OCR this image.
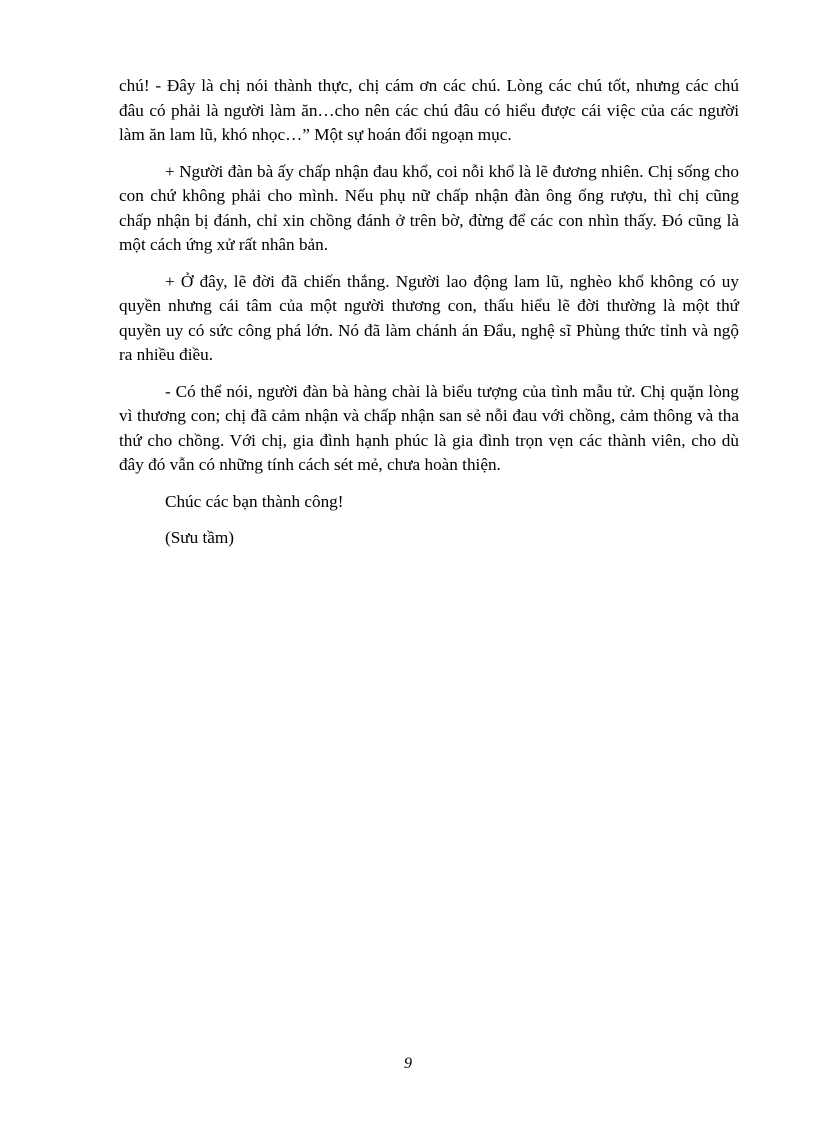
chú! - Đây là chị nói thành thực, chị cám ơn các chú. Lòng các chú tốt, nhưng các chú đâu có phải là người làm ăn…cho nên các chú đâu có hiểu được cái việc của các người làm ăn lam lũ, khó nhọc…” Một sự hoán đổi ngoạn mục.

+ Người đàn bà ấy chấp nhận đau khổ, coi nỗi khổ là lẽ đương nhiên. Chị sống cho con chứ không phải cho mình. Nếu phụ nữ chấp nhận đàn ông ống rượu, thì chị cũng chấp nhận bị đánh, chỉ xin chồng đánh ở trên bờ, đừng để các con nhìn thấy. Đó cũng là một cách ứng xử rất nhân bản.

+ Ở đây, lẽ đời đã chiến thắng. Người lao động lam lũ, nghèo khổ không có uy quyền nhưng cái tâm của một người thương con, thấu hiểu lẽ đời thường là một thứ quyền uy có sức công phá lớn. Nó đã làm chánh án Đẩu, nghệ sĩ Phùng thức tỉnh và ngộ ra nhiều điều.

- Có thể nói, người đàn bà hàng chài là biểu tượng của tình mẫu tử. Chị quặn lòng vì thương con; chị đã cảm nhận và chấp nhận san sẻ nỗi đau với chồng, cảm thông và tha thứ cho chồng. Với chị, gia đình hạnh phúc là gia đình trọn vẹn các thành viên, cho dù đây đó vẫn có những tính cách sét mẻ, chưa hoàn thiện.

Chúc các bạn thành công!

(Sưu tầm)

9
